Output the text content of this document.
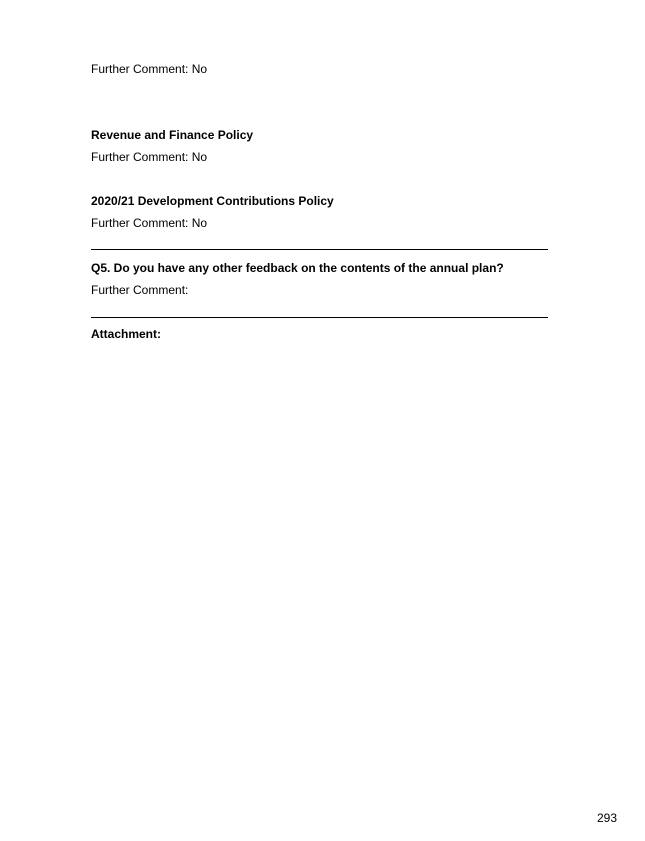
Further Comment: No
Revenue and Finance Policy
Further Comment: No
2020/21 Development Contributions Policy
Further Comment: No
Q5. Do you have any other feedback on the contents of the annual plan?
Further Comment:
Attachment:
293
